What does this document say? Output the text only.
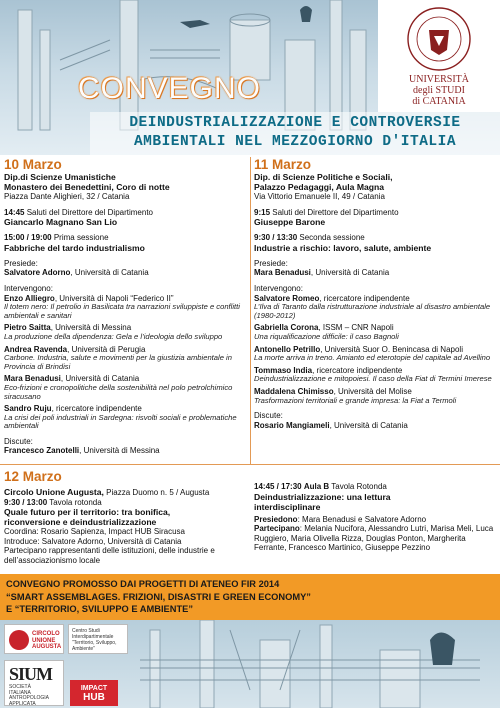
UNIVERSITÀ
degli STUDI
di CATANIA
CONVEGNO
DEINDUSTRIALIZZAZIONE E CONTROVERSIE
AMBIENTALI NEL MEZZOGIORNO D'ITALIA
10 Marzo
Dip.di Scienze Umanistiche
Monastero dei Benedettini, Coro di notte
Piazza Dante Alighieri, 32 / Catania
14:45 Saluti del Direttore del Dipartimento
Giancarlo Magnano San Lio
15:00 / 19:00 Prima sessione
Fabbriche del tardo industrialismo
Presiede:
Salvatore Adorno, Università di Catania
Intervengono:
Enzo Alliegro, Università di Napoli “Federico II”
Il totem nero: Il petrolio in Basilicata tra narrazioni sviluppiste e conflitti ambientali e sanitari
Pietro Saitta, Università di Messina
La produzione della dipendenza: Gela e l’ideologia dello sviluppo
Andrea Ravenda, Università di Perugia
Carbone. Industria, salute e movimenti per la giustizia ambientale in Provincia di Brindisi
Mara Benadusi, Università di Catania
Eco-frizioni e cronopolitiche della sostenibilità nel polo petrolchimico siracusano
Sandro Ruju, ricercatore indipendente
La crisi dei poli industriali in Sardegna: risvolti sociali e problematiche ambientali
Discute:
Francesco Zanotelli, Università di Messina
11 Marzo
Dip. di Scienze Politiche e Sociali,
Palazzo Pedagaggi, Aula Magna
Via Vittorio Emanuele II, 49 / Catania
9:15 Saluti del Direttore del Dipartimento
Giuseppe Barone
9:30 / 13:30 Seconda sessione
Industrie a rischio: lavoro, salute, ambiente
Presiede:
Mara Benadusi, Università di Catania
Intervengono:
Salvatore Romeo, ricercatore indipendente
L’Ilva di Taranto dalla ristrutturazione industriale al disastro ambientale (1980-2012)
Gabriella Corona, ISSM – CNR Napoli
Una riqualificazione difficile: il caso Bagnoli
Antonello Petrillo, Università Suor O. Benincasa di Napoli
La morte arriva in treno. Amianto ed eterotopie del capitale ad Avellino
Tommaso India, ricercatore indipendente
Deindustrializzazione e mitopoiesi. Il caso della Fiat di Termini Imerese
Maddalena Chimisso, Università del Molise
Trasformazioni territoriali e grande impresa: la Fiat a Termoli
Discute:
Rosario Mangiameli, Università di Catania
12 Marzo
Circolo Unione Augusta, Piazza Duomo n. 5 / Augusta
9:30 / 13:00 Tavola rotonda
Quale futuro per il territorio: tra bonifica,
riconversione e deindustrializzazione
Coordina: Rosario Sapienza, Impact HUB Siracusa
Introduce: Salvatore Adorno, Università di Catania
Partecipano rappresentanti delle istituzioni, delle industrie e dell’associazionismo locale
14:45 / 17:30 Aula B Tavola Rotonda
Deindustrializzazione: una lettura
interdisciplinare
Presiedono: Mara Benadusi e Salvatore Adorno
Partecipano: Melania Nucifora, Alessandro Lutri, Marisa Meli, Luca Ruggiero, Maria Olivella Rizza, Douglas Ponton, Margherita Ferrante, Francesco Martinico, Giuseppe Pezzino
CONVEGNO PROMOSSO DAI PROGETTI DI ATENEO FIR 2014
“SMART ASSEMBLAGES. FRIZIONI, DISASTRI E GREEN ECONOMY”
E “TERRITORIO, SVILUPPO E AMBIENTE”
CIRCOLO
UNIONE
AUGUSTA
Centro Studi
Interdipartimentale
“Territorio, Sviluppo,
Ambiente”
SIUM
SOCIETÀ
ITALIANA
ANTROPOLOGIA
APPLICATA
IMPACT
HUB
